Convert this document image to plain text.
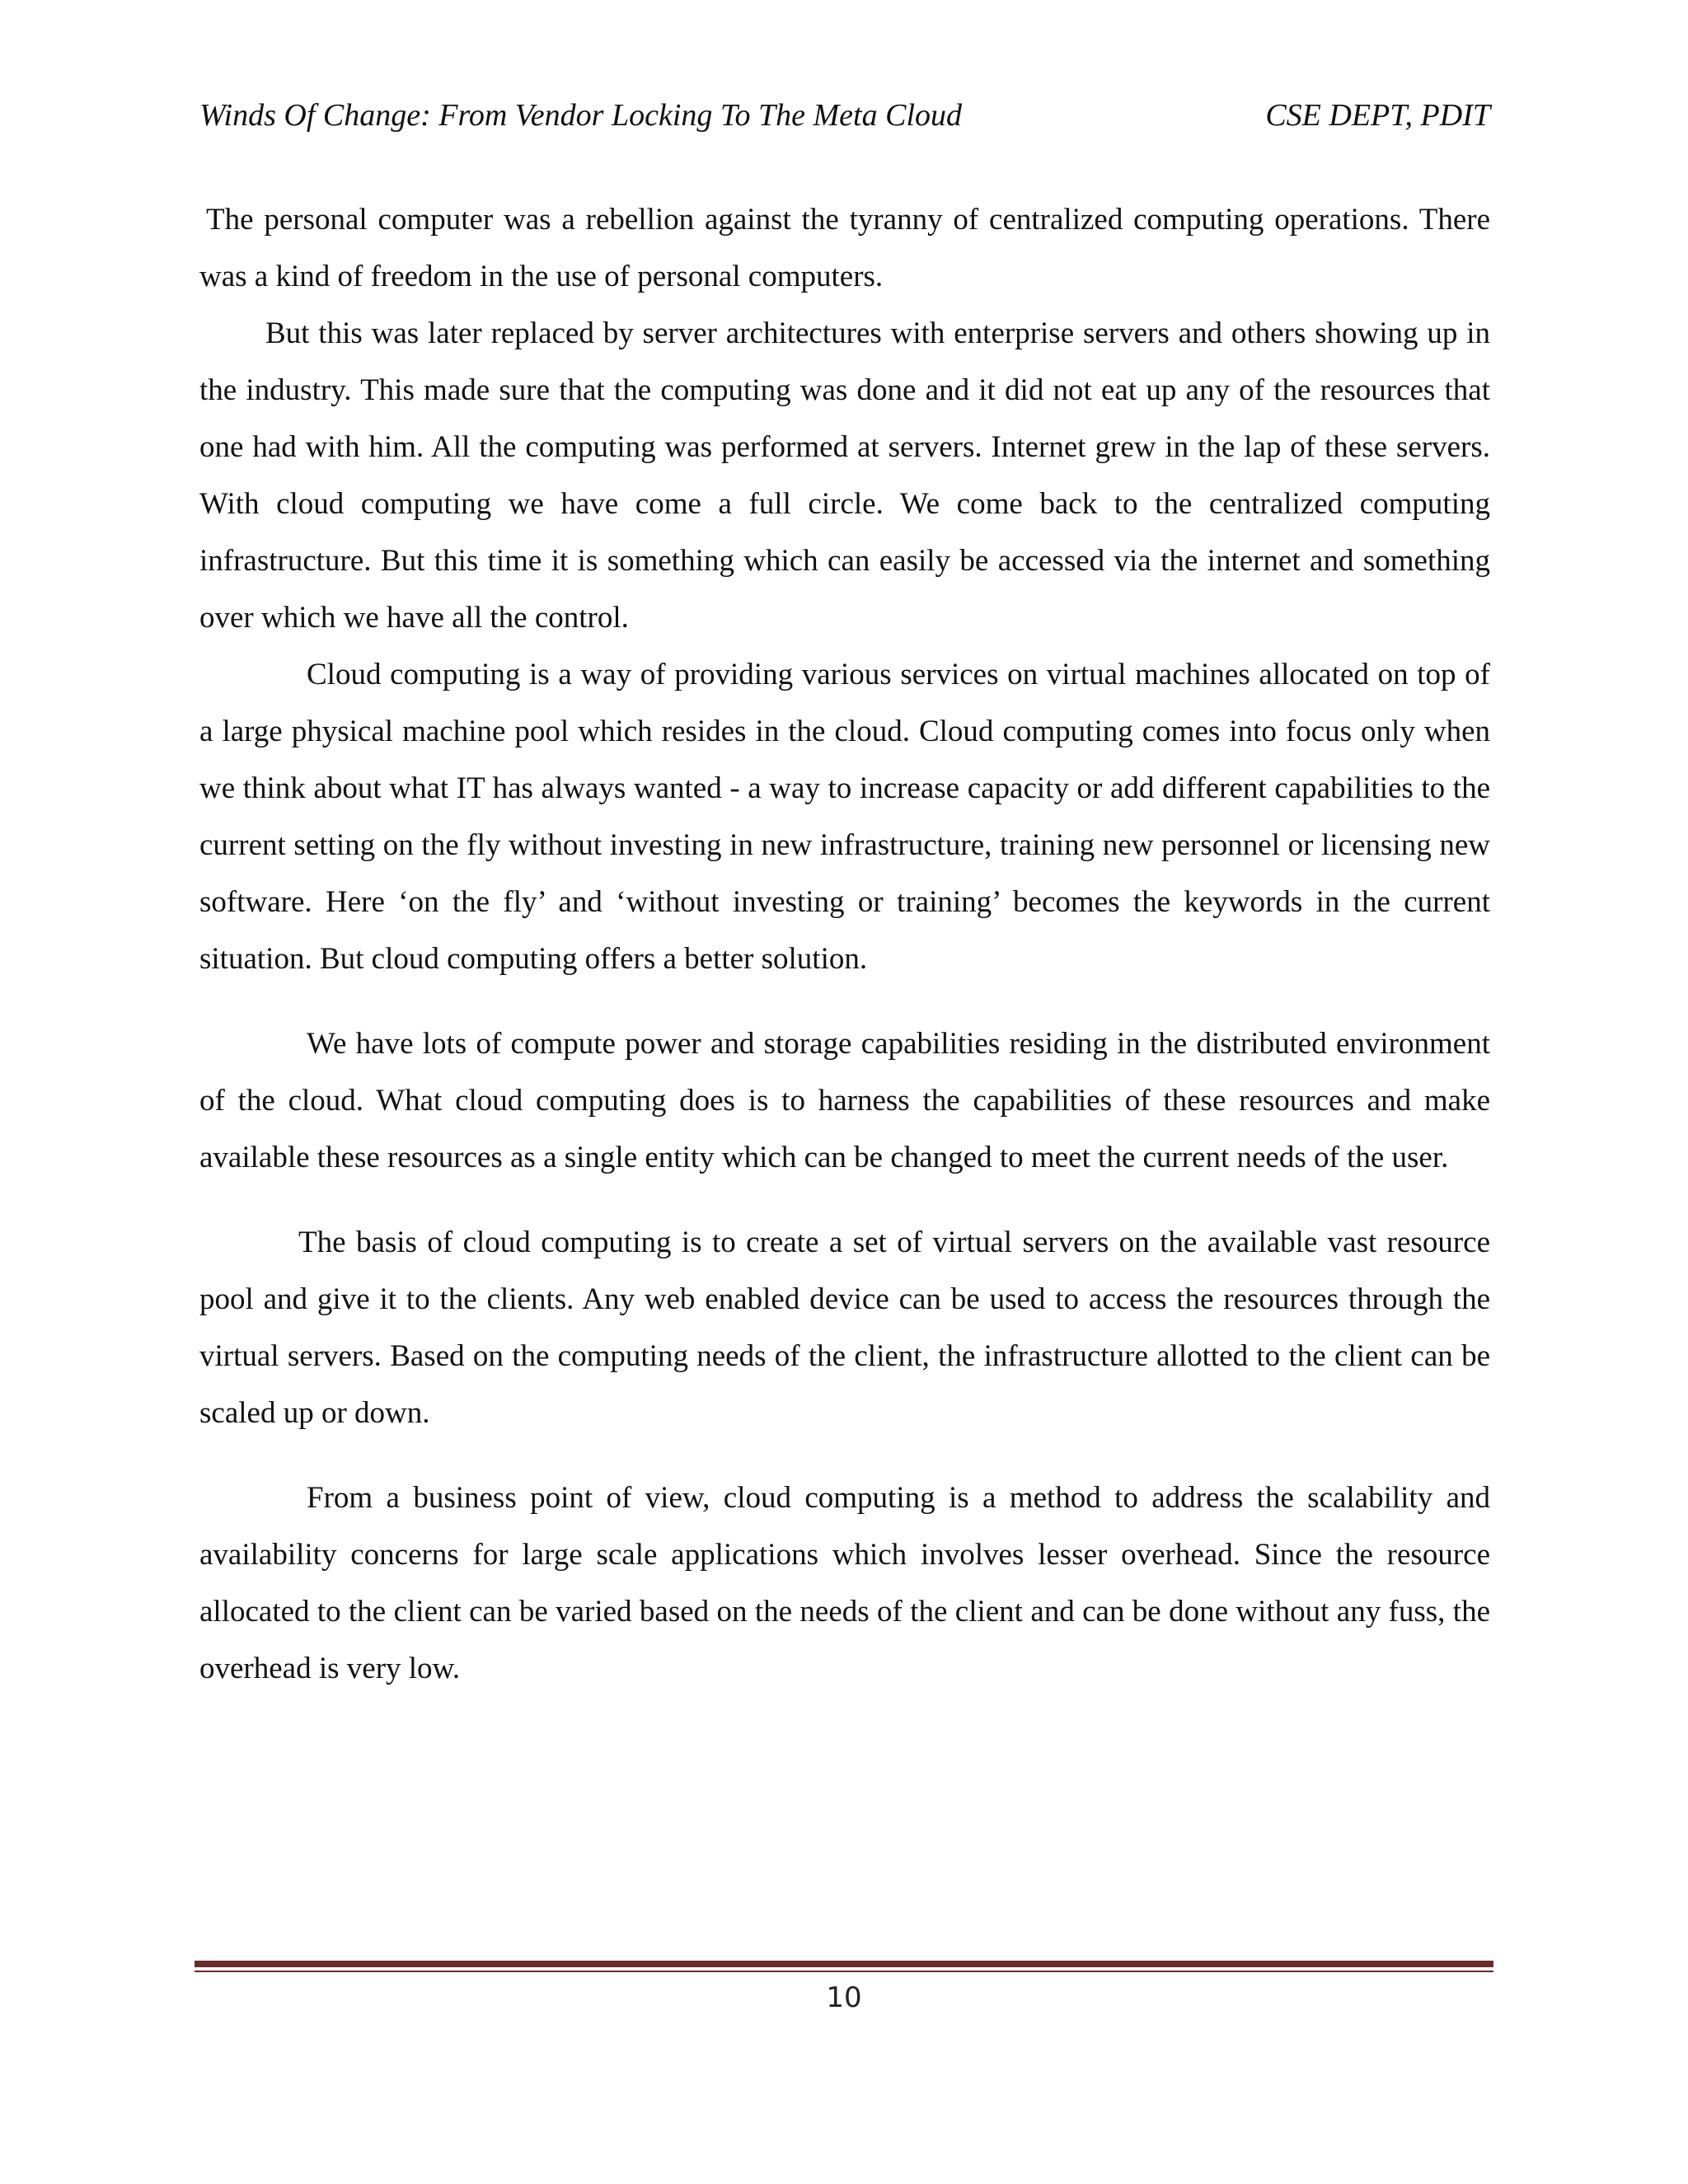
Winds Of Change: From Vendor Locking To The Meta Cloud	CSE DEPT, PDIT

The personal computer was a rebellion against the tyranny of centralized computing operations. There was a kind of freedom in the use of personal computers.

But this was later replaced by server architectures with enterprise servers and others showing up in the industry. This made sure that the computing was done and it did not eat up any of the resources that one had with him. All the computing was performed at servers. Internet grew in the lap of these servers. With cloud computing we have come a full circle. We come back to the centralized computing infrastructure. But this time it is something which can easily be accessed via the internet and something over which we have all the control.

Cloud computing is a way of providing various services on virtual machines allocated on top of a large physical machine pool which resides in the cloud. Cloud computing comes into focus only when we think about what IT has always wanted - a way to increase capacity or add different capabilities to the current setting on the fly without investing in new infrastructure, training new personnel or licensing new software. Here ‘on the fly’ and ‘without investing or training’ becomes the keywords in the current situation. But cloud computing offers a better solution.

We have lots of compute power and storage capabilities residing in the distributed environment of the cloud. What cloud computing does is to harness the capabilities of these resources and make available these resources as a single entity which can be changed to meet the current needs of the user.

The basis of cloud computing is to create a set of virtual servers on the available vast resource pool and give it to the clients. Any web enabled device can be used to access the resources through the virtual servers. Based on the computing needs of the client, the infrastructure allotted to the client can be scaled up or down.

From a business point of view, cloud computing is a method to address the scalability and availability concerns for large scale applications which involves lesser overhead. Since the resource allocated to the client can be varied based on the needs of the client and can be done without any fuss, the overhead is very low.

10
